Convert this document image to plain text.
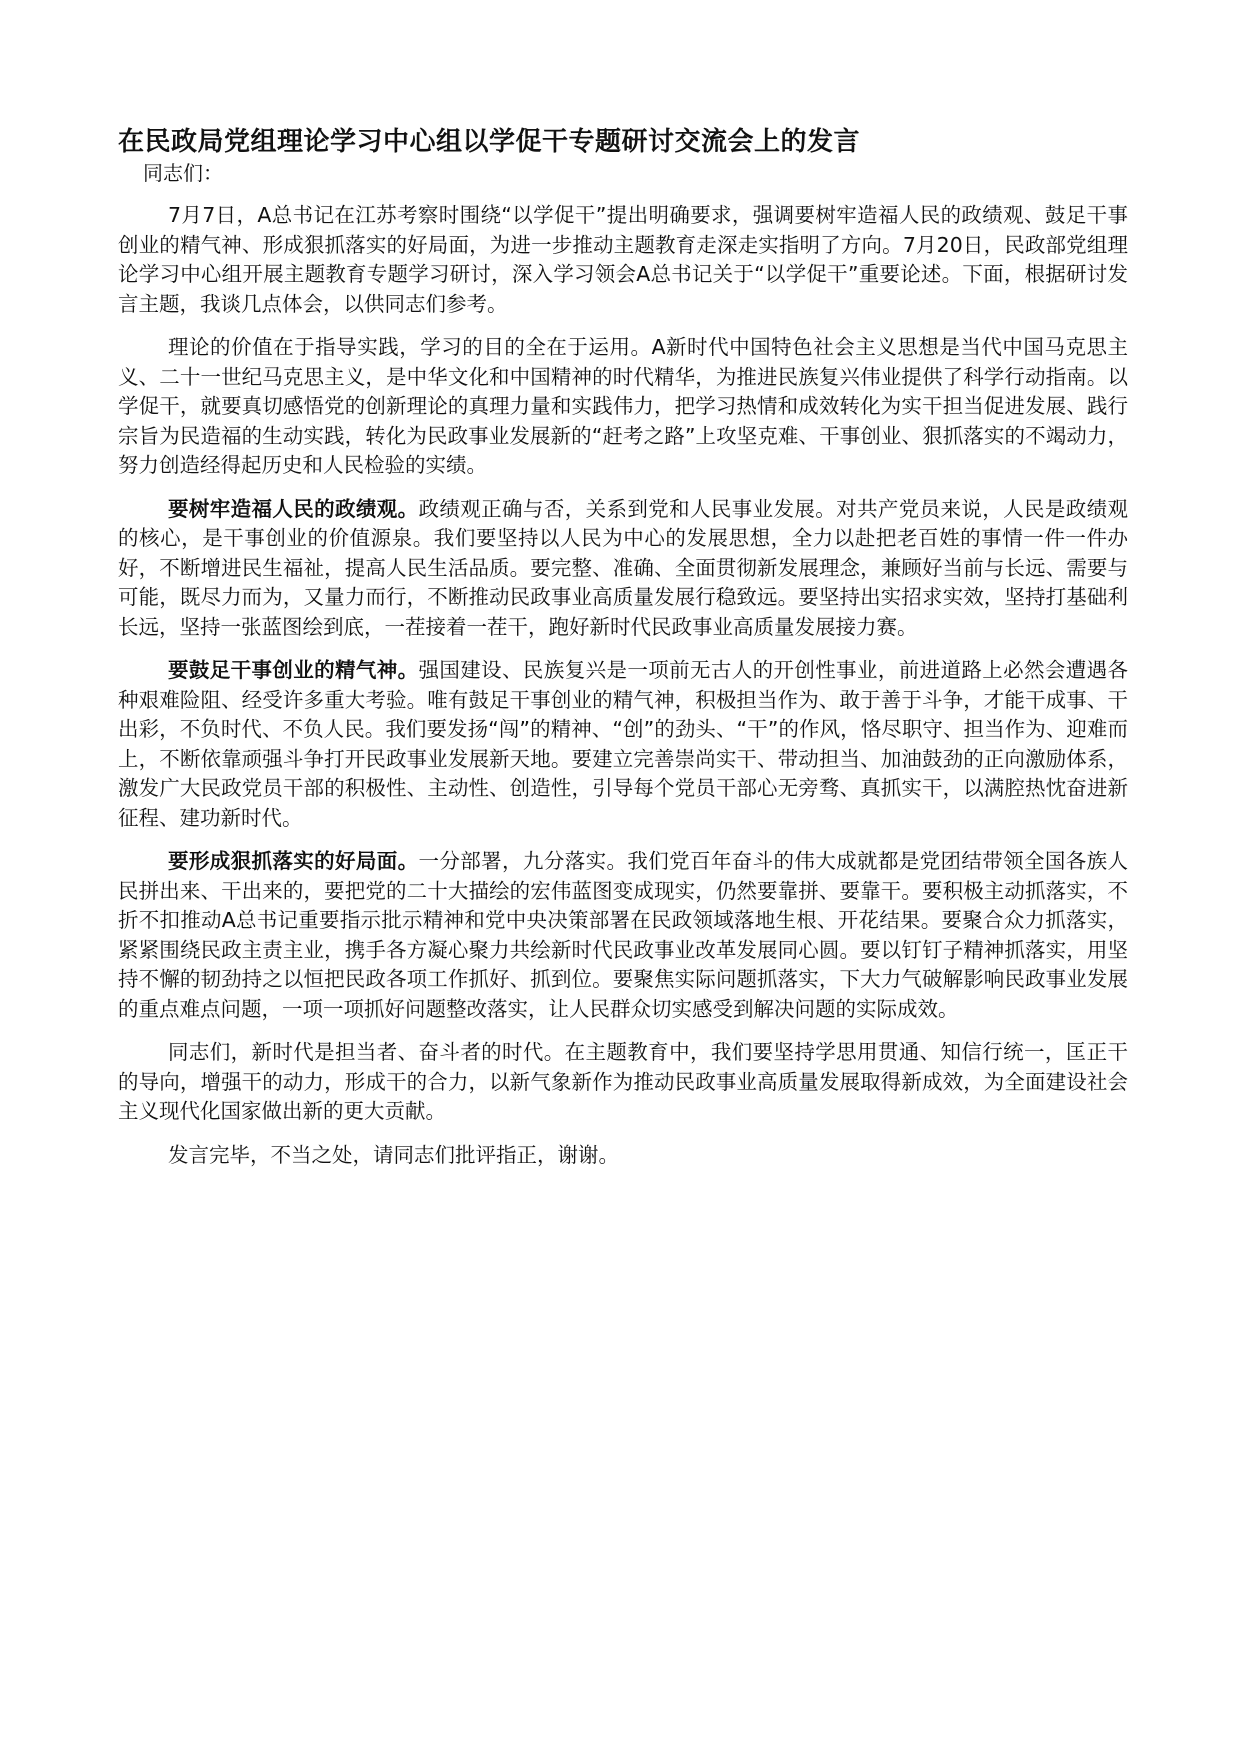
在民政局党组理论学习中心组以学促干专题研讨交流会上的发言

同志们：

7月7日，A总书记在江苏考察时围绕“以学促干”提出明确要求，强调要树牢造福人民的政绩观、鼓足干事创业的精气神、形成狠抓落实的好局面，为进一步推动主题教育走深走实指明了方向。7月20日，民政部党组理论学习中心组开展主题教育专题学习研讨，深入学习领会A总书记关于“以学促干”重要论述。下面，根据研讨发言主题，我谈几点体会，以供同志们参考。

理论的价值在于指导实践，学习的目的全在于运用。A新时代中国特色社会主义思想是当代中国马克思主义、二十一世纪马克思主义，是中华文化和中国精神的时代精华，为推进民族复兴伟业提供了科学行动指南。以学促干，就要真切感悟党的创新理论的真理力量和实践伟力，把学习热情和成效转化为实干担当促进发展、践行宗旨为民造福的生动实践，转化为民政事业发展新的“赶考之路”上攻坚克难、干事创业、狠抓落实的不竭动力，努力创造经得起历史和人民检验的实绩。

要树牢造福人民的政绩观。政绩观正确与否，关系到党和人民事业发展。对共产党员来说，人民是政绩观的核心，是干事创业的价值源泉。我们要坚持以人民为中心的发展思想，全力以赴把老百姓的事情一件一件办好，不断增进民生福祉，提高人民生活品质。要完整、准确、全面贯彻新发展理念，兼顾好当前与长远、需要与可能，既尽力而为，又量力而行，不断推动民政事业高质量发展行稳致远。要坚持出实招求实效，坚持打基础利长远，坚持一张蓝图绘到底，一茬接着一茬干，跑好新时代民政事业高质量发展接力赛。

要鼓足干事创业的精气神。强国建设、民族复兴是一项前无古人的开创性事业，前进道路上必然会遭遇各种艰难险阻、经受许多重大考验。唯有鼓足干事创业的精气神，积极担当作为、敢于善于斗争，才能干成事、干出彩，不负时代、不负人民。我们要发扬“闯”的精神、“创”的劲头、“干”的作风，恪尽职守、担当作为、迎难而上，不断依靠顽强斗争打开民政事业发展新天地。要建立完善崇尚实干、带动担当、加油鼓劲的正向激励体系，激发广大民政党员干部的积极性、主动性、创造性，引导每个党员干部心无旁骛、真抓实干，以满腔热忱奋进新征程、建功新时代。

要形成狠抓落实的好局面。一分部署，九分落实。我们党百年奋斗的伟大成就都是党团结带领全国各族人民拼出来、干出来的，要把党的二十大描绘的宏伟蓝图变成现实，仍然要靠拼、要靠干。要积极主动抓落实，不折不扣推动A总书记重要指示批示精神和党中央决策部署在民政领域落地生根、开花结果。要聚合众力抓落实，紧紧围绕民政主责主业，携手各方凝心聚力共绘新时代民政事业改革发展同心圆。要以钉钉子精神抓落实，用坚持不懈的韧劲持之以恒把民政各项工作抓好、抓到位。要聚焦实际问题抓落实，下大力气破解影响民政事业发展的重点难点问题，一项一项抓好问题整改落实，让人民群众切实感受到解决问题的实际成效。

同志们，新时代是担当者、奋斗者的时代。在主题教育中，我们要坚持学思用贯通、知信行统一，匡正干的导向，增强干的动力，形成干的合力，以新气象新作为推动民政事业高质量发展取得新成效，为全面建设社会主义现代化国家做出新的更大贡献。

发言完毕，不当之处，请同志们批评指正，谢谢。
